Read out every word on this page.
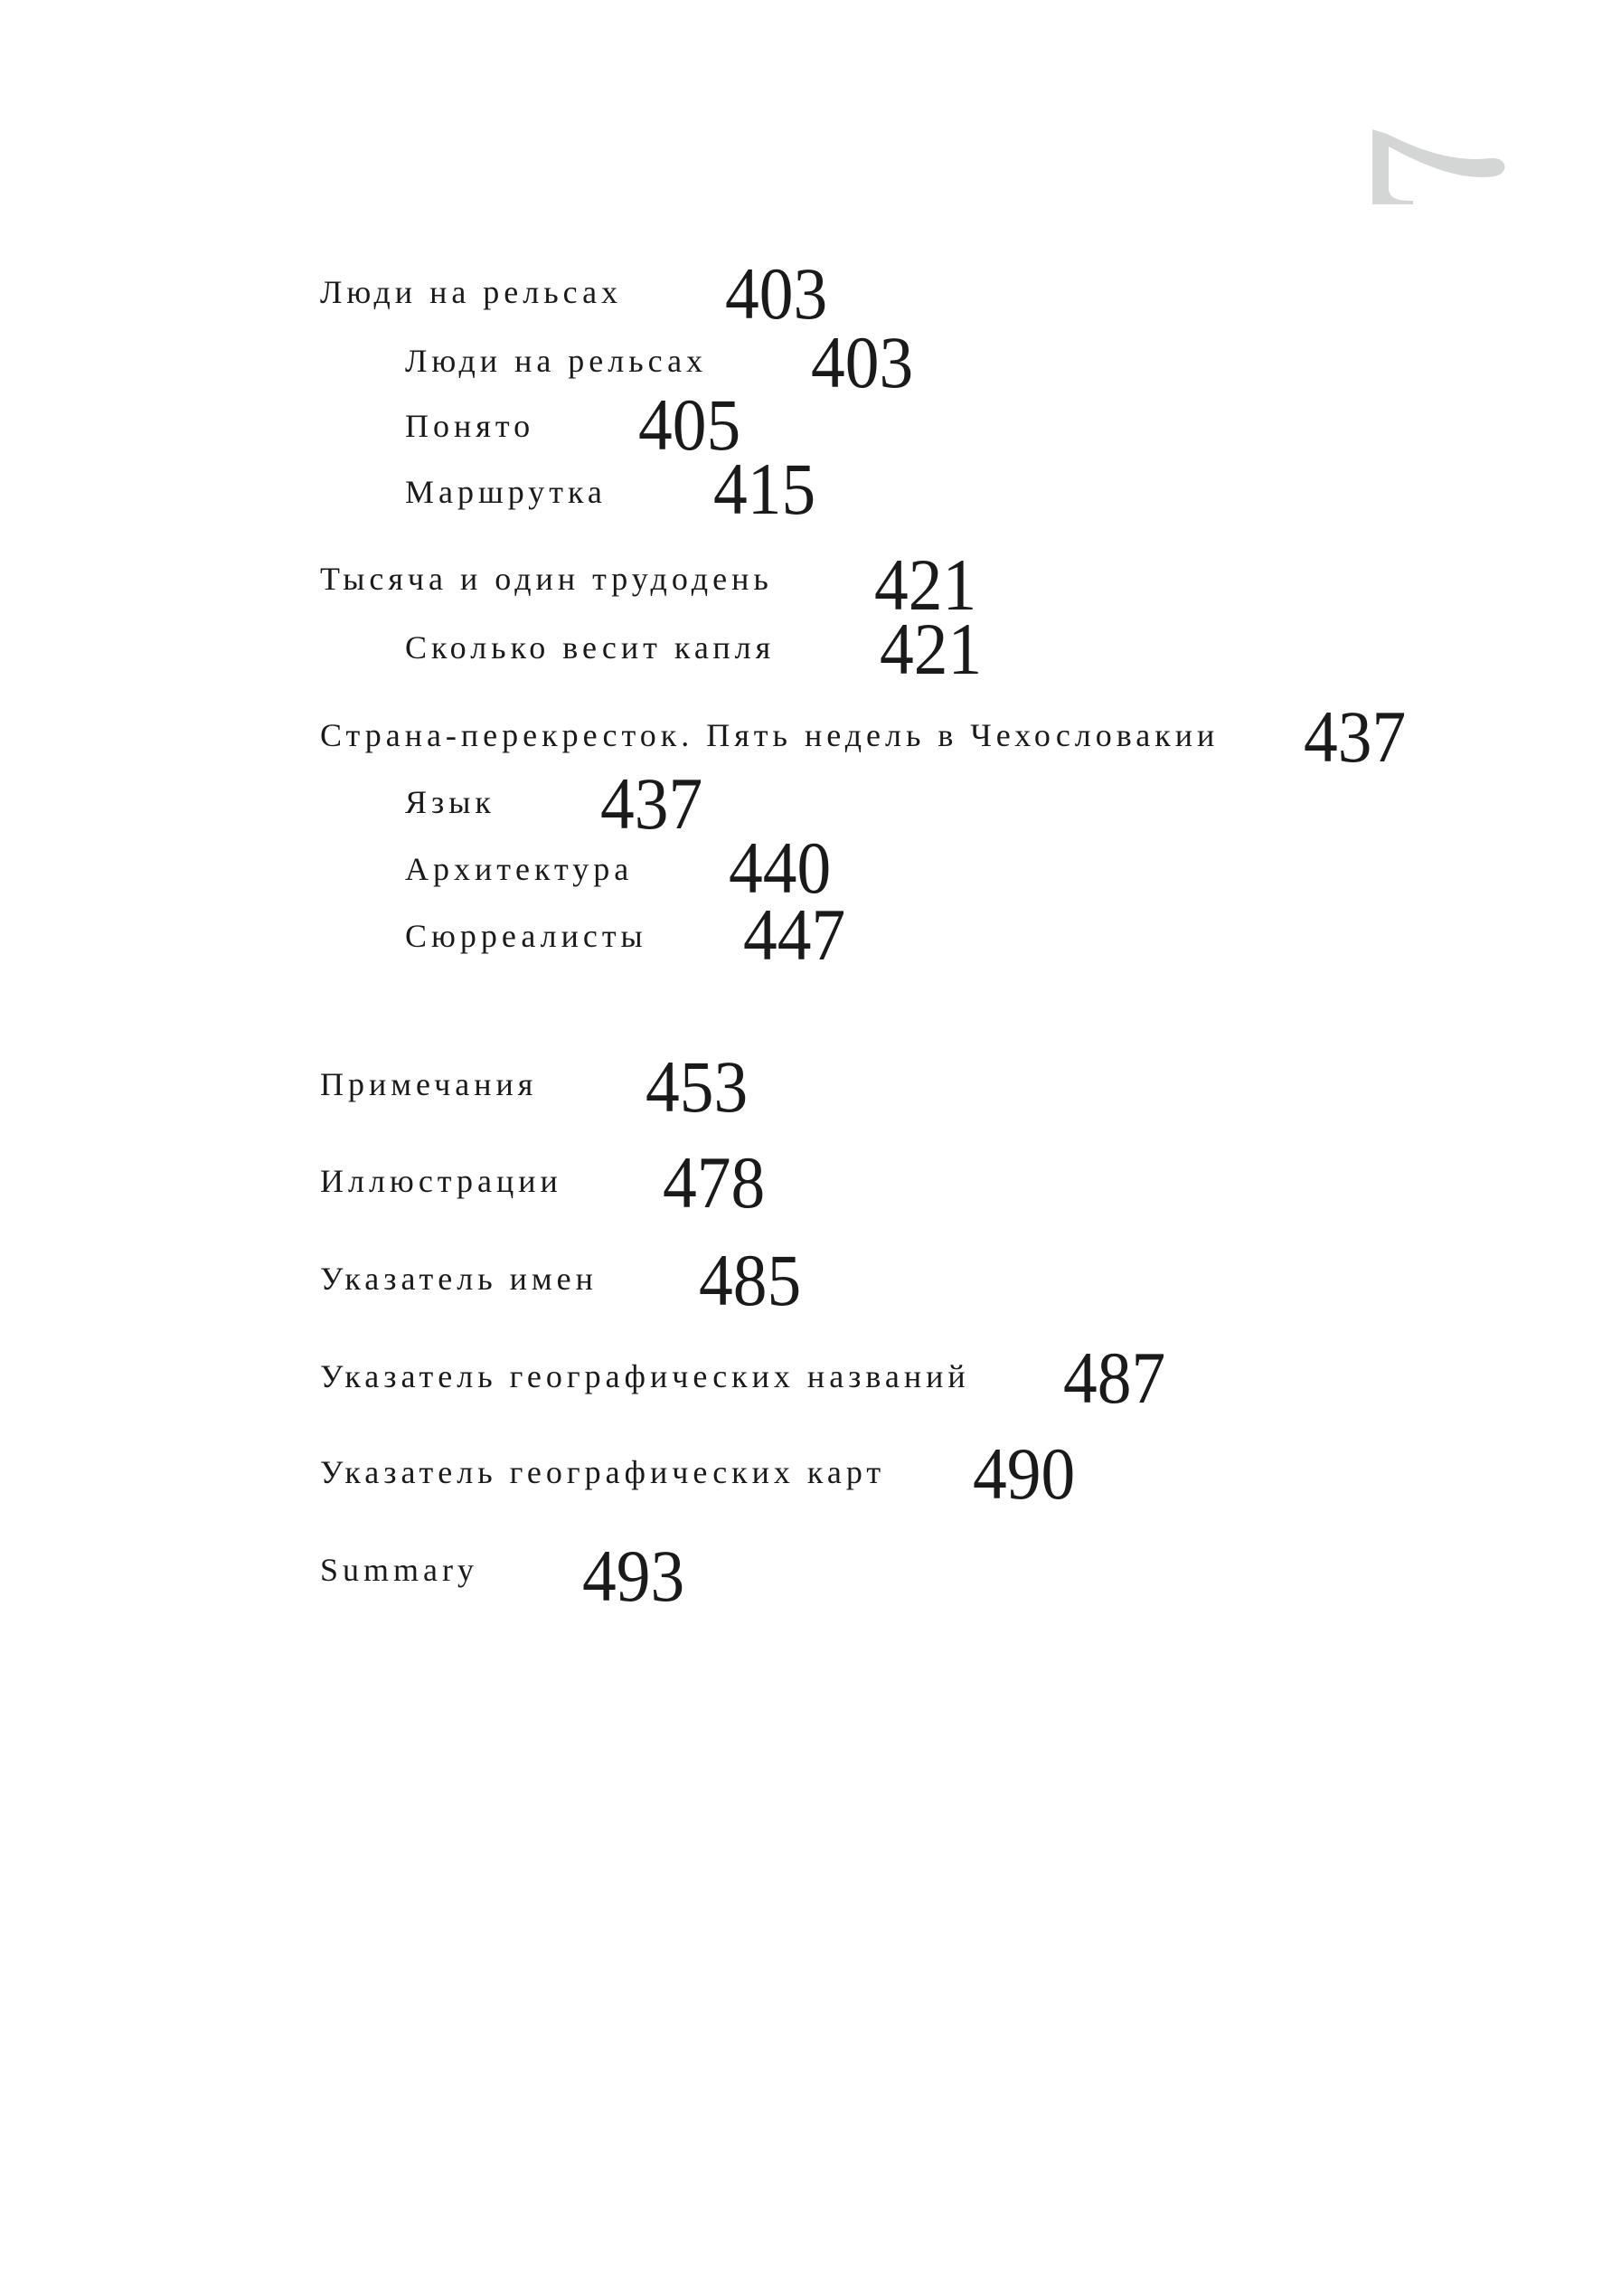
Люди на рельсах 403
Люди на рельсах 403
Понято 405
Маршрутка 415
Тысяча и один трудодень 421
Сколько весит капля 421
Страна-перекресток. Пять недель в Чехословакии 437
Язык 437
Архитектура 440
Сюрреалисты 447
Примечания 453
Иллюстрации 478
Указатель имен 485
Указатель географических названий 487
Указатель географических карт 490
Summary 493
